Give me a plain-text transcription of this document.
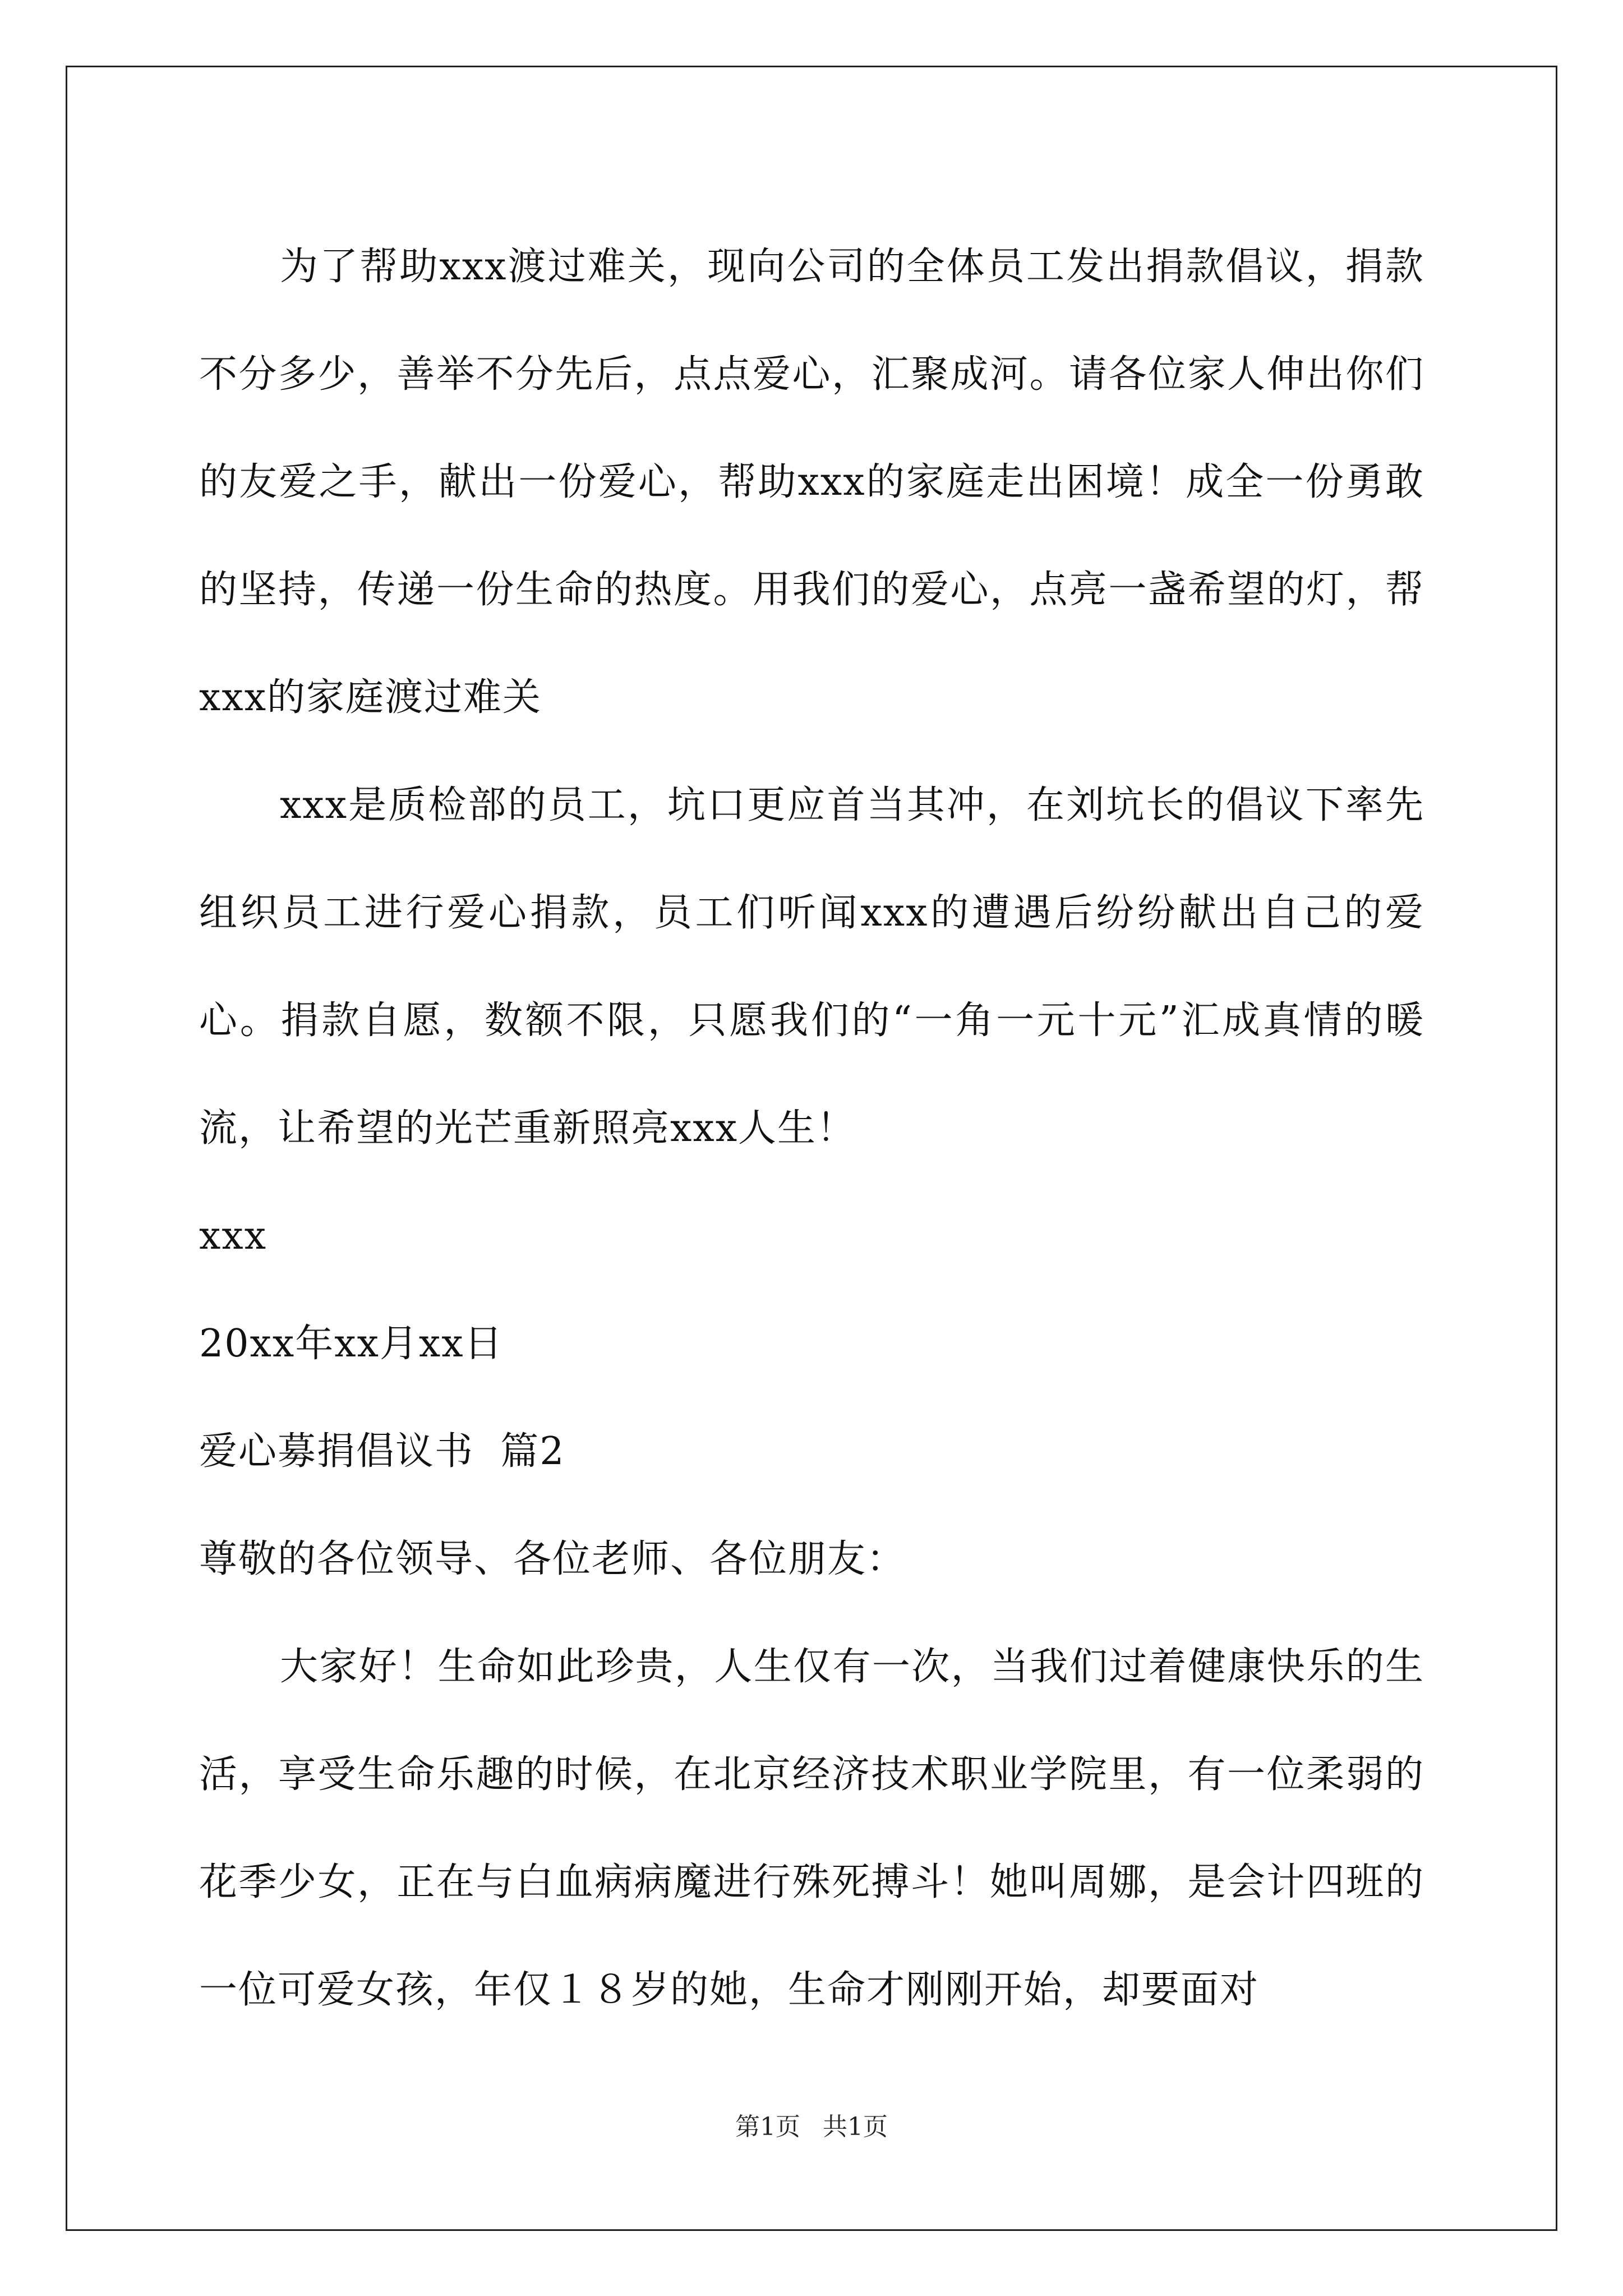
为了帮助xxx渡过难关，现向公司的全体员工发出捐款倡议，捐款不分多少，善举不分先后，点点爱心，汇聚成河。请各位家人伸出你们的友爱之手，献出一份爱心，帮助xxx的家庭走出困境！成全一份勇敢的坚持，传递一份生命的热度。用我们的爱心，点亮一盏希望的灯，帮xxx的家庭渡过难关

xxx是质检部的员工，坑口更应首当其冲，在刘坑长的倡议下率先组织员工进行爱心捐款，员工们听闻xxx的遭遇后纷纷献出自己的爱心。捐款自愿，数额不限，只愿我们的“一角一元十元”汇成真情的暖流，让希望的光芒重新照亮xxx人生！

xxx

20xx年xx月xx日

爱心募捐倡议书  篇2

尊敬的各位领导、各位老师、各位朋友：

大家好！生命如此珍贵，人生仅有一次，当我们过着健康快乐的生活，享受生命乐趣的时候，在北京经济技术职业学院里，有一位柔弱的花季少女，正在与白血病病魔进行殊死搏斗！她叫周娜，是会计四班的一位可爱女孩，年仅１８岁的她，生命才刚刚开始，却要面对

第1页 共1页
